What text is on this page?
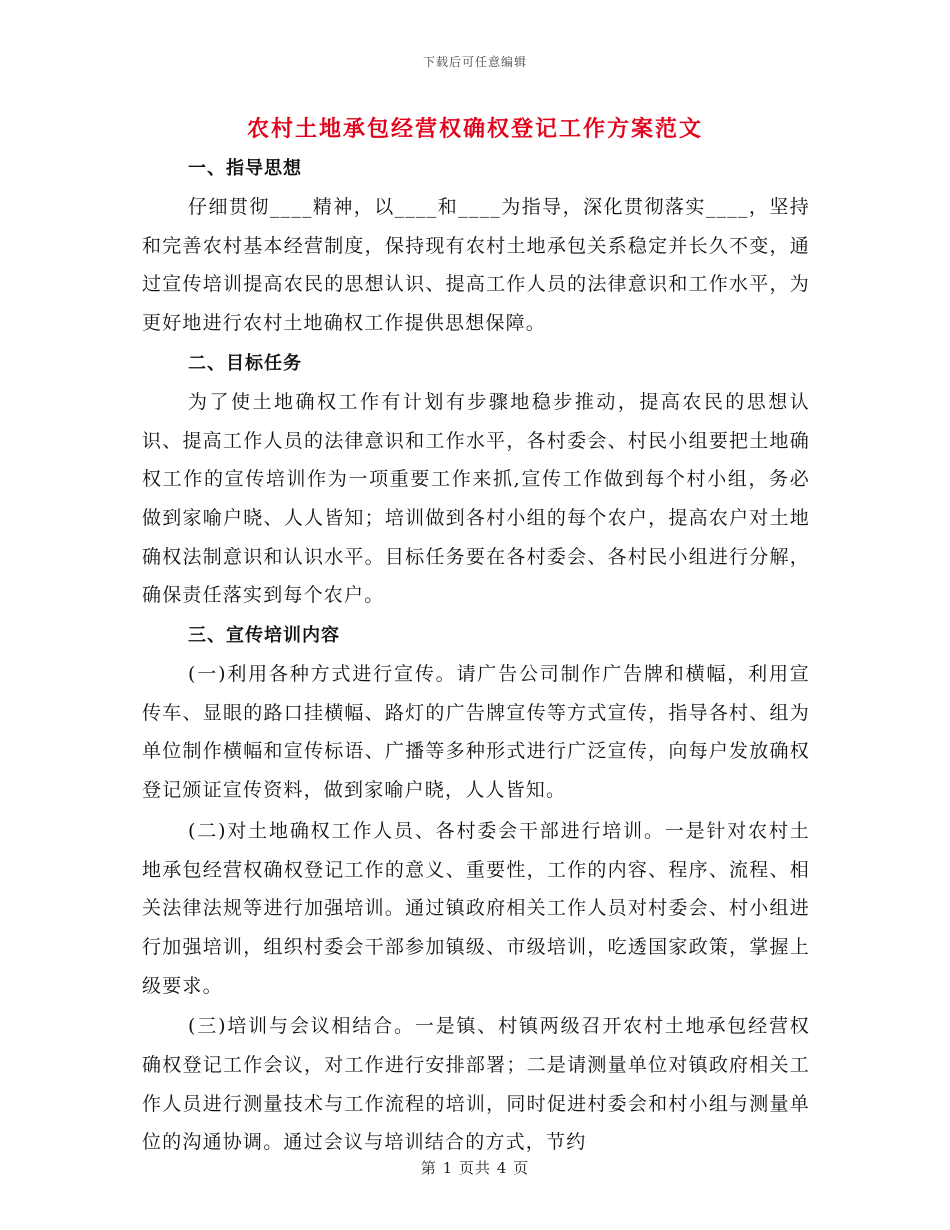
下载后可任意编辑
农村土地承包经营权确权登记工作方案范文
一、指导思想

仔细贯彻____精神，以____和____为指导，深化贯彻落实____，坚持和完善农村基本经营制度，保持现有农村土地承包关系稳定并长久不变，通过宣传培训提高农民的思想认识、提高工作人员的法律意识和工作水平，为更好地进行农村土地确权工作提供思想保障。

二、目标任务

为了使土地确权工作有计划有步骤地稳步推动，提高农民的思想认识、提高工作人员的法律意识和工作水平，各村委会、村民小组要把土地确权工作的宣传培训作为一项重要工作来抓,宣传工作做到每个村小组，务必做到家喻户晓、人人皆知；培训做到各村小组的每个农户，提高农户对土地确权法制意识和认识水平。目标任务要在各村委会、各村民小组进行分解，确保责任落实到每个农户。

三、宣传培训内容

(一)利用各种方式进行宣传。请广告公司制作广告牌和横幅，利用宣传车、显眼的路口挂横幅、路灯的广告牌宣传等方式宣传，指导各村、组为单位制作横幅和宣传标语、广播等多种形式进行广泛宣传，向每户发放确权登记颁证宣传资料，做到家喻户晓，人人皆知。

(二)对土地确权工作人员、各村委会干部进行培训。一是针对农村土地承包经营权确权登记工作的意义、重要性，工作的内容、程序、流程、相关法律法规等进行加强培训。通过镇政府相关工作人员对村委会、村小组进行加强培训，组织村委会干部参加镇级、市级培训，吃透国家政策，掌握上级要求。

(三)培训与会议相结合。一是镇、村镇两级召开农村土地承包经营权确权登记工作会议，对工作进行安排部署；二是请测量单位对镇政府相关工作人员进行测量技术与工作流程的培训，同时促进村委会和村小组与测量单位的沟通协调。通过会议与培训结合的方式，节约

第 1 页共 4 页
